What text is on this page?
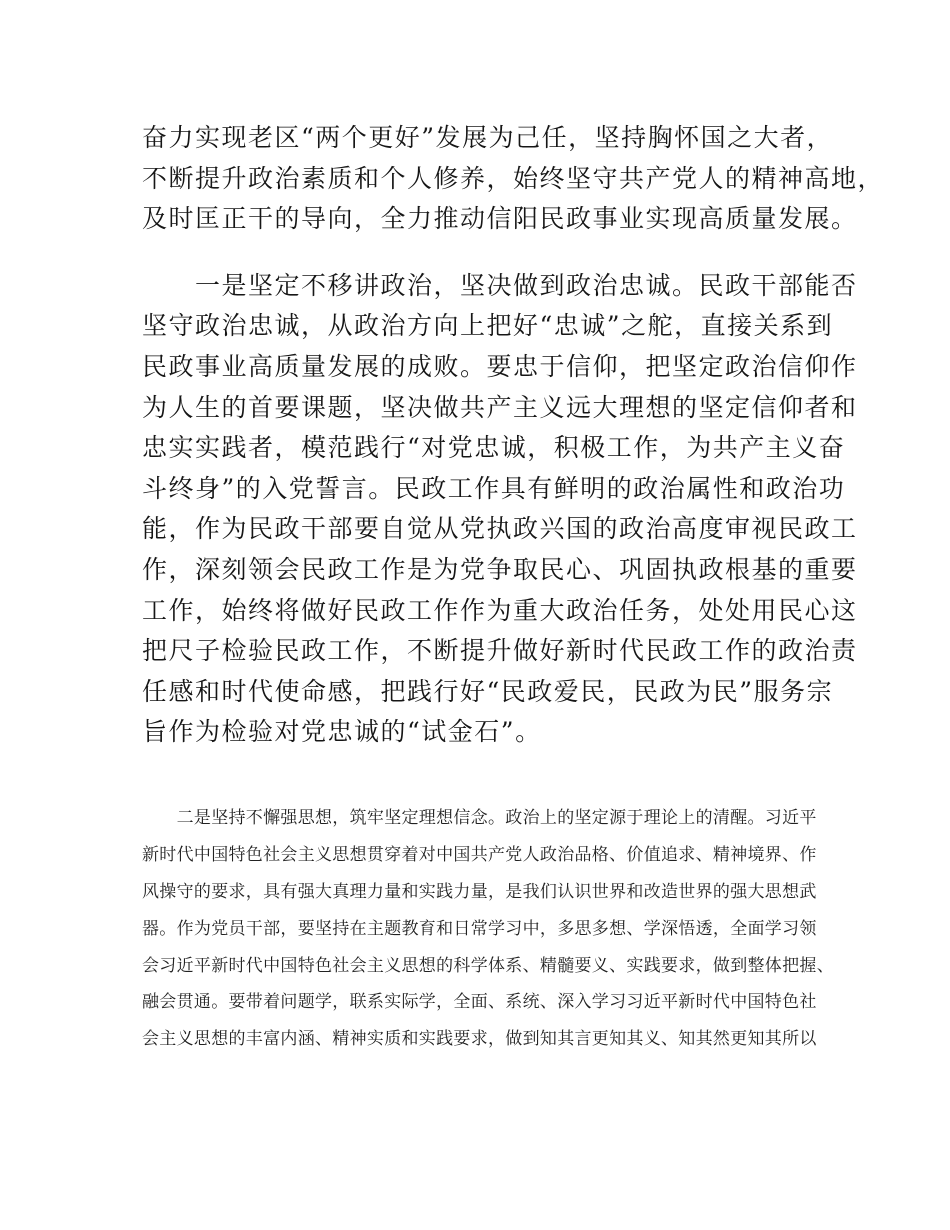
奋力实现老区“两个更好”发展为己任，坚持胸怀国之大者，
不断提升政治素质和个人修养，始终坚守共产党人的精神高地，
及时匡正干的导向，全力推动信阳民政事业实现高质量发展。
　　一是坚定不移讲政治，坚决做到政治忠诚。民政干部能否
坚守政治忠诚，从政治方向上把好“忠诚”之舵，直接关系到
民政事业高质量发展的成败。要忠于信仰，把坚定政治信仰作
为人生的首要课题，坚决做共产主义远大理想的坚定信仰者和
忠实实践者，模范践行“对党忠诚，积极工作，为共产主义奋
斗终身”的入党誓言。民政工作具有鲜明的政治属性和政治功
能，作为民政干部要自觉从党执政兴国的政治高度审视民政工
作，深刻领会民政工作是为党争取民心、巩固执政根基的重要
工作，始终将做好民政工作作为重大政治任务，处处用民心这
把尺子检验民政工作，不断提升做好新时代民政工作的政治责
任感和时代使命感，把践行好“民政爱民，民政为民”服务宗
旨作为检验对党忠诚的“试金石”。
　　二是坚持不懈强思想，筑牢坚定理想信念。政治上的坚定源于理论上的清醒。习近平
新时代中国特色社会主义思想贯穿着对中国共产党人政治品格、价值追求、精神境界、作
风操守的要求，具有强大真理力量和实践力量，是我们认识世界和改造世界的强大思想武
器。作为党员干部，要坚持在主题教育和日常学习中，多思多想、学深悟透，全面学习领
会习近平新时代中国特色社会主义思想的科学体系、精髓要义、实践要求，做到整体把握、
融会贯通。要带着问题学，联系实际学，全面、系统、深入学习习近平新时代中国特色社
会主义思想的丰富内涵、精神实质和实践要求，做到知其言更知其义、知其然更知其所以
